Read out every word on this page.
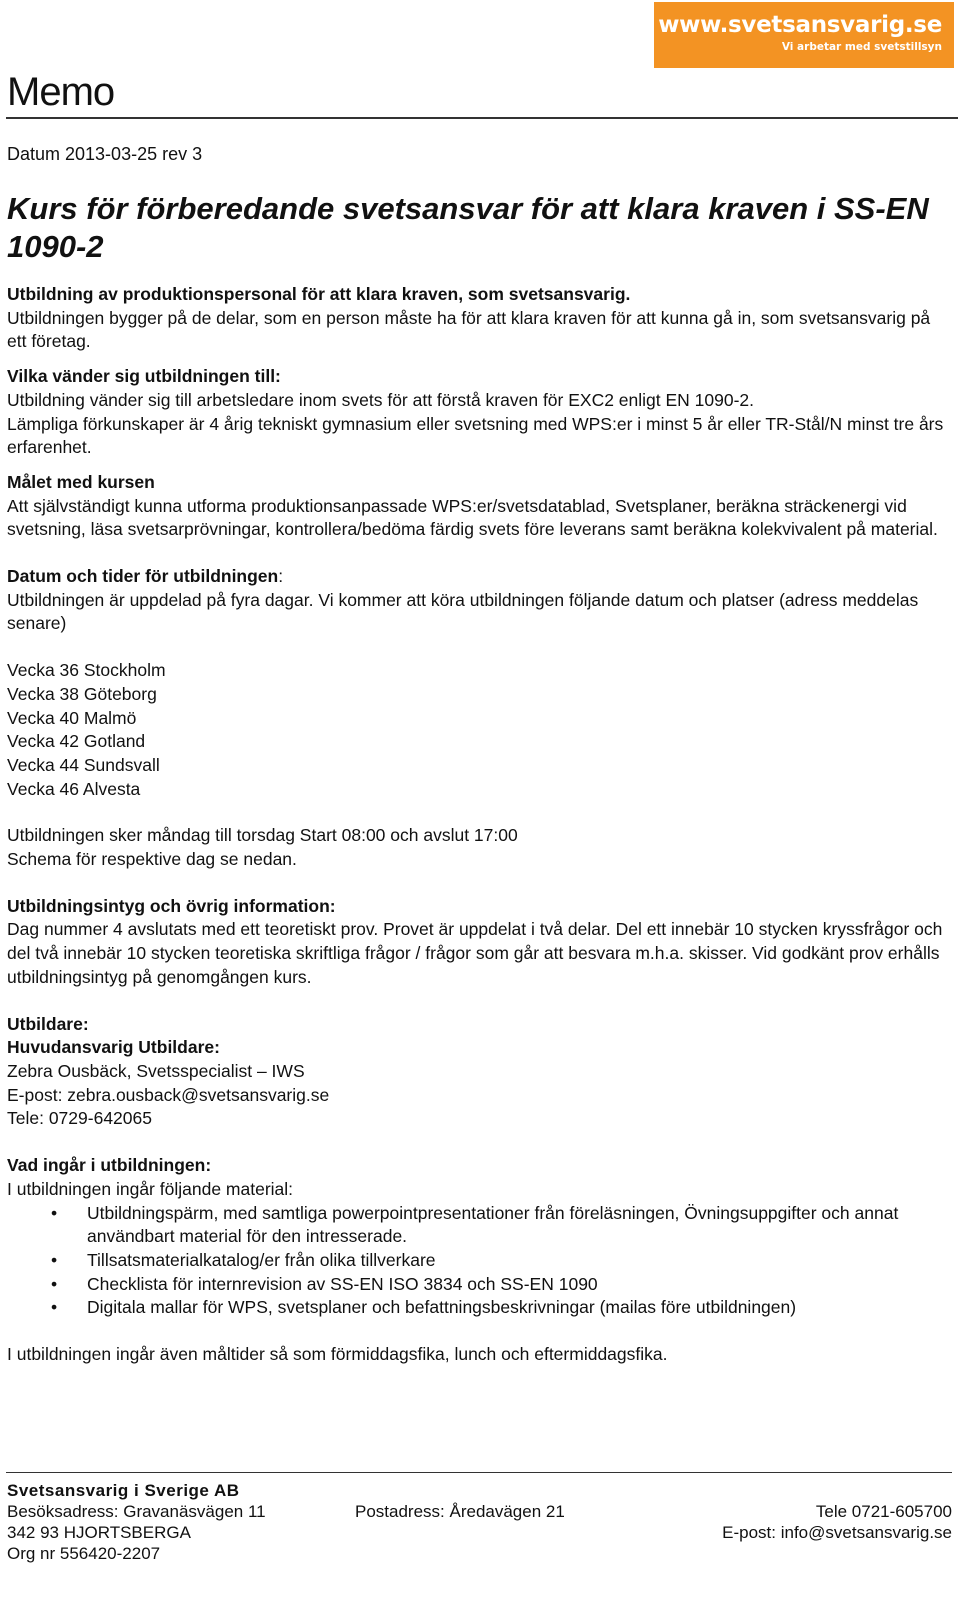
www.svetsansvarig.se
Vi arbetar med svetstillsyn
Memo
Datum 2013-03-25 rev 3
Kurs för förberedande svetsansvar för att klara kraven i SS-EN 1090-2

Utbildning av produktionspersonal för att klara kraven, som svetsansvarig.

Utbildningen bygger på de delar, som en person måste ha för att klara kraven för att kunna gå in, som svetsansvarig på ett företag.

Vilka vänder sig utbildningen till:

Utbildning vänder sig till arbetsledare inom svets för att förstå kraven för EXC2 enligt EN 1090-2.

Lämpliga förkunskaper är 4 årig tekniskt gymnasium eller svetsning med WPS:er i minst 5 år eller TR-Stål/N minst tre års erfarenhet.

Målet med kursen

Att självständigt kunna utforma produktionsanpassade WPS:er/svetsdatablad, Svetsplaner, beräkna sträckenergi vid svetsning, läsa svetsarprövningar, kontrollera/bedöma färdig svets före leverans samt beräkna kolekvivalent på material.

Datum och tider för utbildningen:

Utbildningen är uppdelad på fyra dagar. Vi kommer att köra utbildningen följande datum och platser (adress meddelas senare)

Vecka 36 Stockholm

Vecka 38 Göteborg

Vecka 40 Malmö

Vecka 42 Gotland

Vecka 44 Sundsvall

Vecka 46 Alvesta

Utbildningen sker måndag till torsdag Start 08:00 och avslut 17:00

Schema för respektive dag se nedan.

Utbildningsintyg och övrig information:

Dag nummer 4 avslutats med ett teoretiskt prov. Provet är uppdelat i två delar. Del ett innebär 10 stycken kryssfrågor och del två innebär 10 stycken teoretiska skriftliga frågor / frågor som går att besvara m.h.a. skisser. Vid godkänt prov erhålls utbildningsintyg på genomgången kurs.

Utbildare:

Huvudansvarig Utbildare:

Zebra Ousbäck, Svetsspecialist – IWS

E-post: zebra.ousback@svetsansvarig.se

Tele: 0729-642065

Vad ingår i utbildningen:

I utbildningen ingår följande material:

• Utbildningspärm, med samtliga powerpointpresentationer från föreläsningen, Övningsuppgifter och annat användbart material för den intresserade.
• Tillsatsmaterialkatalog/er från olika tillverkare
• Checklista för internrevision av SS-EN ISO 3834 och SS-EN 1090
• Digitala mallar för WPS, svetsplaner och befattningsbeskrivningar (mailas före utbildningen)

I utbildningen ingår även måltider så som förmiddagsfika, lunch och eftermiddagsfika.

Svetsansvarig i Sverige AB
Besöksadress: Gravanäsvägen 11	Postadress: Åredavägen 21	Tele 0721-605700
342 93 HJORTSBERGA	E-post: info@svetsansvarig.se
Org nr 556420-2207
